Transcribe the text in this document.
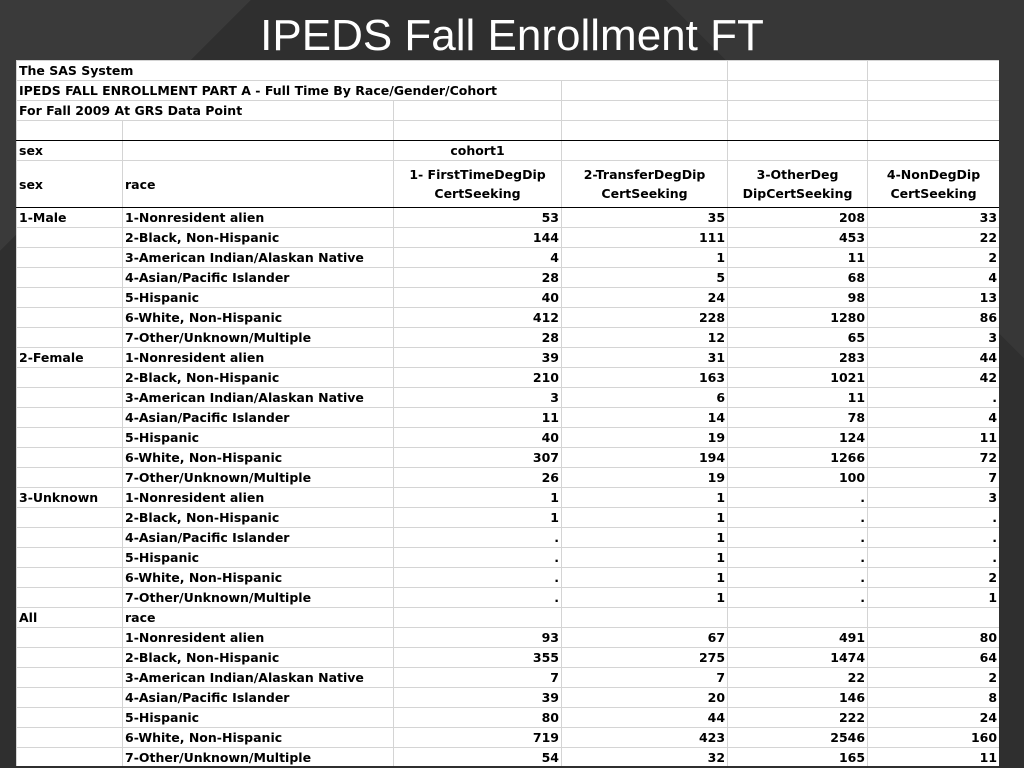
IPEDS Fall Enrollment FT
The SAS System					
IPEDS FALL ENROLLMENT PART A - Full Time By Race/Gender/Cohort					
For Fall 2009 At GRS Data Point					

sex		cohort1			
sex	race	1- FirstTimeDegDip CertSeeking	2-TransferDegDip CertSeeking	3-OtherDeg DipCertSeeking	4-NonDegDip CertSeeking
1-Male	1-Nonresident alien	53	35	208	33
	2-Black, Non-Hispanic	144	111	453	22
	3-American Indian/Alaskan Native	4	1	11	2
	4-Asian/Pacific Islander	28	5	68	4
	5-Hispanic	40	24	98	13
	6-White, Non-Hispanic	412	228	1280	86
	7-Other/Unknown/Multiple	28	12	65	3
2-Female	1-Nonresident alien	39	31	283	44
	2-Black, Non-Hispanic	210	163	1021	42
	3-American Indian/Alaskan Native	3	6	11	.
	4-Asian/Pacific Islander	11	14	78	4
	5-Hispanic	40	19	124	11
	6-White, Non-Hispanic	307	194	1266	72
	7-Other/Unknown/Multiple	26	19	100	7
3-Unknown	1-Nonresident alien	1	1	.	3
	2-Black, Non-Hispanic	1	1	.	.
	4-Asian/Pacific Islander	.	1	.	.
	5-Hispanic	.	1	.	.
	6-White, Non-Hispanic	.	1	.	2
	7-Other/Unknown/Multiple	.	1	.	1
All	race				
	1-Nonresident alien	93	67	491	80
	2-Black, Non-Hispanic	355	275	1474	64
	3-American Indian/Alaskan Native	7	7	22	2
	4-Asian/Pacific Islander	39	20	146	8
	5-Hispanic	80	44	222	24
	6-White, Non-Hispanic	719	423	2546	160
	7-Other/Unknown/Multiple	54	32	165	11
